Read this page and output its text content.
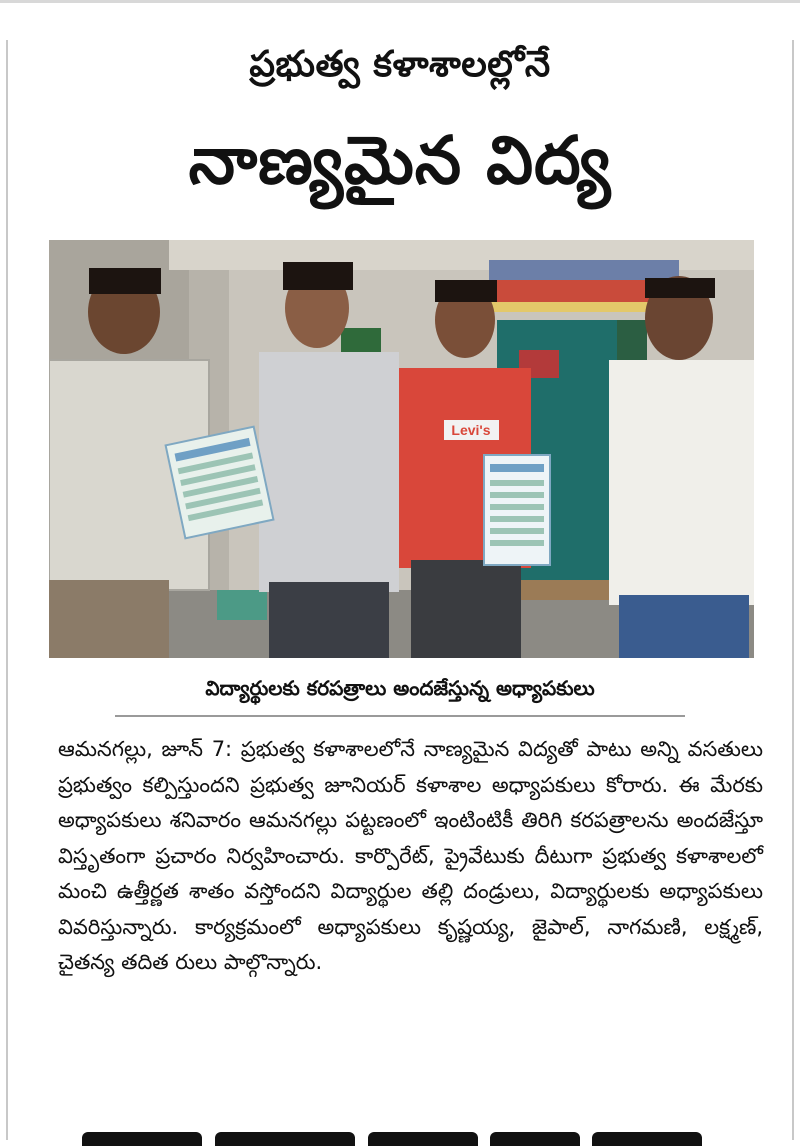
ప్రభుత్వ కళాశాలల్లోనే
నాణ్యమైన విద్య
Levi's
విద్యార్థులకు కరపత్రాలు అందజేస్తున్న అధ్యాపకులు

ఆమనగల్లు, జూన్ 7: ప్రభుత్వ కళాశాలలోనే నాణ్యమైన విద్యతో పాటు అన్ని వసతులు ప్రభుత్వం కల్పిస్తుందని ప్రభుత్వ జూనియర్ కళాశాల అధ్యాపకులు కోరారు. ఈ మేరకు అధ్యాపకులు శనివారం ఆమనగల్లు పట్టణంలో ఇంటింటికీ తిరిగి కరపత్రాలను అందజేస్తూ విస్తృతంగా ప్రచారం నిర్వహించారు. కార్పొరేట్, ప్రైవేటుకు దీటుగా ప్రభుత్వ కళాశాలలో మంచి ఉత్తీర్ణత శాతం వస్తోందని విద్యార్థుల తల్లి దండ్రులు, విద్యార్థులకు అధ్యాపకులు వివరిస్తున్నారు. కార్యక్రమంలో అధ్యాపకులు కృష్ణయ్య, జైపాల్, నాగమణి, లక్ష్మణ్, చైతన్య తదిత రులు పాల్గొన్నారు.
